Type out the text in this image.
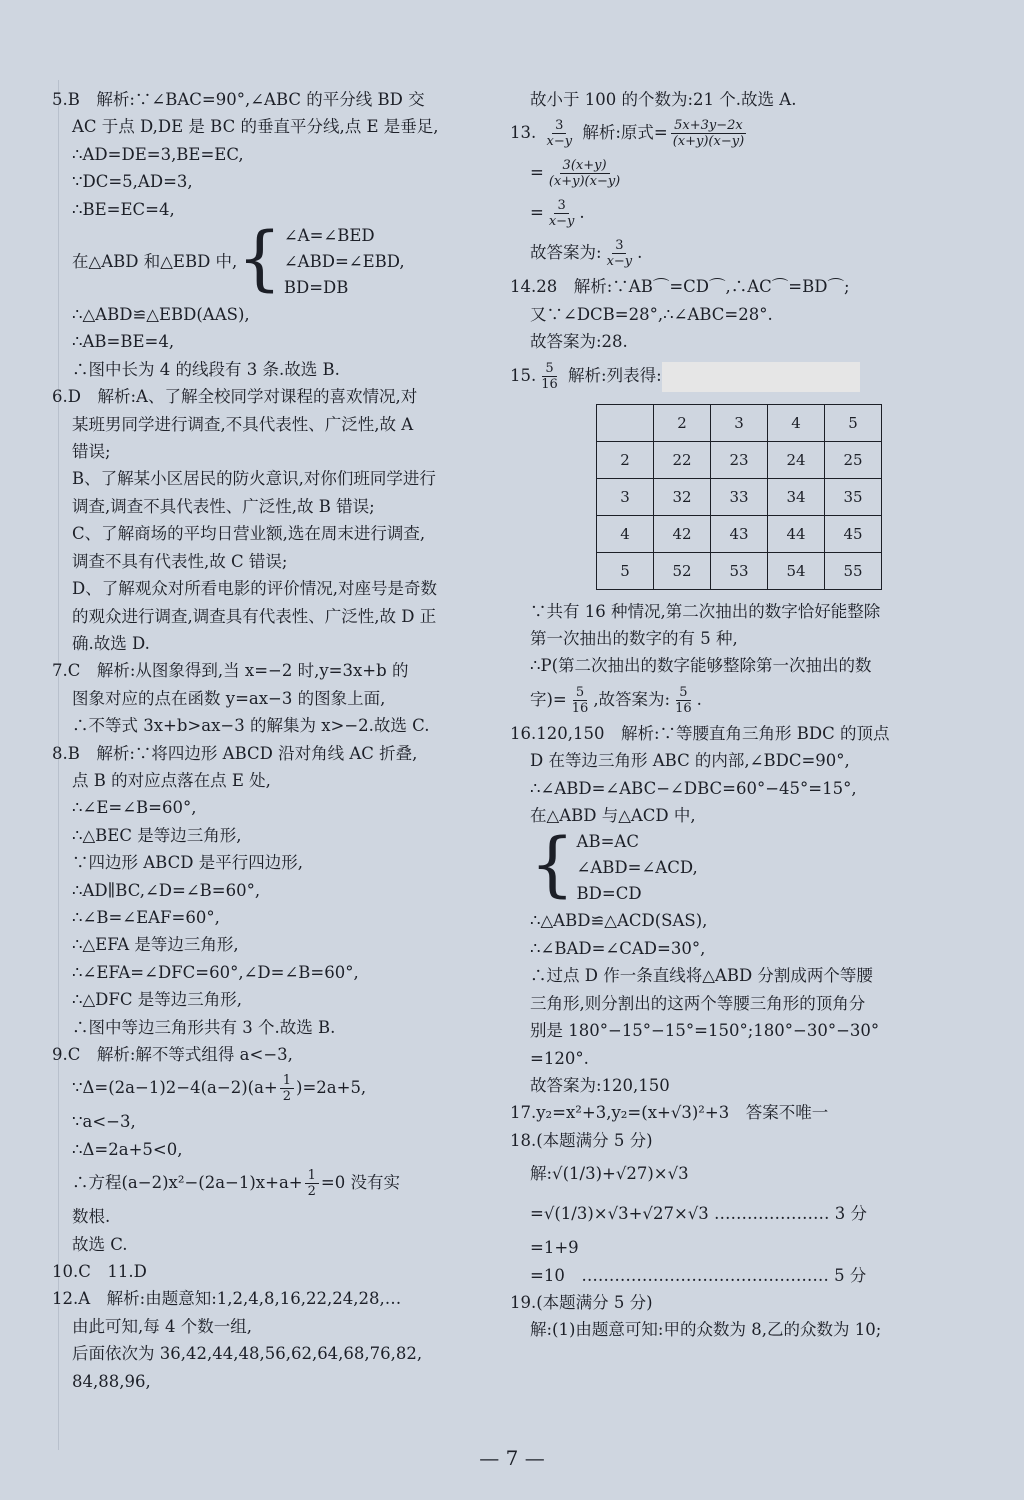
5.B　解析:∵∠BAC=90°,∠ABC 的平分线 BD 交
AC 于点 D,DE 是 BC 的垂直平分线,点 E 是垂足,
∴AD=DE=3,BE=EC,
∵DC=5,AD=3,
∴BE=EC=4,
在△ABD 和△EBD 中, { ∠A=∠BED
∠ABD=∠EBD,
BD=DB
∴△ABD≌△EBD(AAS),
∴AB=BE=4,
∴图中长为 4 的线段有 3 条.故选 B.
6.D　解析:A、了解全校同学对课程的喜欢情况,对
某班男同学进行调查,不具代表性、广泛性,故 A
错误;
B、了解某小区居民的防火意识,对你们班同学进行
调查,调查不具代表性、广泛性,故 B 错误;
C、了解商场的平均日营业额,选在周末进行调查,
调查不具有代表性,故 C 错误;
D、了解观众对所看电影的评价情况,对座号是奇数
的观众进行调查,调查具有代表性、广泛性,故 D 正
确.故选 D.
7.C　解析:从图象得到,当 x=−2 时,y=3x+b 的
图象对应的点在函数 y=ax−3 的图象上面,
∴不等式 3x+b>ax−3 的解集为 x>−2.故选 C.
8.B　解析:∵将四边形 ABCD 沿对角线 AC 折叠,
点 B 的对应点落在点 E 处,
∴∠E=∠B=60°,
∴△BEC 是等边三角形,
∵四边形 ABCD 是平行四边形,
∴AD∥BC,∠D=∠B=60°,
∴∠B=∠EAF=60°,
∴△EFA 是等边三角形,
∴∠EFA=∠DFC=60°,∠D=∠B=60°,
∴△DFC 是等边三角形,
∴图中等边三角形共有 3 个.故选 B.
9.C　解析:解不等式组得 a<−3,
∵Δ=(2a−1)2−4(a−2)(a+ $\frac{1}{2} )=2a+5$,
∵a<−3,
∴Δ=2a+5<0,
∴方程$(a-2)x^2-(2a-1)x+a+ \frac{1}{2} =0$ 没有实
数根.
故选 C.
10.C　11.D
12.A　解析:由题意知:1,2,4,8,16,22,24,28,…
由此可知,每 4 个数一组,
后面依次为 36,42,44,48,56,62,64,68,76,82,
84,88,96,
故小于 100 的个数为:21 个.故选 A.
13. $\frac{3}{x-y}$ 解析:原式= $\frac{5x+3y-2x}{(x+y)(x-y)}$
= $\frac{3(x+y)}{(x+y)(x-y)}$
= $\frac{3}{x-y}$ .
故答案为: $\frac{3}{x-y}$ .
14.28　解析:∵AB⌒=CD⌒,∴AC⌒=BD⌒;
又∵∠DCB=28°,∴∠ABC=28°.
故答案为:28.
15. $\frac{5}{16}$ 解析:列表得:
	2	3	4	5
2	22	23	24	25
3	32	33	34	35
4	42	43	44	45
5	52	53	54	55
∵共有 16 种情况,第二次抽出的数字恰好能整除
第一次抽出的数字的有 5 种,
∴P(第二次抽出的数字能够整除第一次抽出的数
字)= $\frac{5}{16}$ ,故答案为: $\frac{5}{16}$ .
16.120,150　解析:∵等腰直角三角形 BDC 的顶点
D 在等边三角形 ABC 的内部,∠BDC=90°,
∴∠ABD=∠ABC−∠DBC=60°−45°=15°,
在△ABD 与△ACD 中,
{ AB=AC
∠ABD=∠ACD,
BD=CD
∴△ABD≌△ACD(SAS),
∴∠BAD=∠CAD=30°,
∴过点 D 作一条直线将△ABD 分割成两个等腰
三角形,则分割出的这两个等腰三角形的顶角分
别是 180°−15°−15°=150°;180°−30°−30°
=120°.
故答案为:120,150
17.y₂=x²+3,y₂=(x+√3)²+3　答案不唯一
18.(本题满分 5 分)
解:√(1/3)+√27)×√3
=√(1/3)×√3+√27×√3 ………………… 3 分
=1+9
=10　……………………………………… 5 分
19.(本题满分 5 分)
解:(1)由题意可知:甲的众数为 8,乙的众数为 10;
— 7 —
